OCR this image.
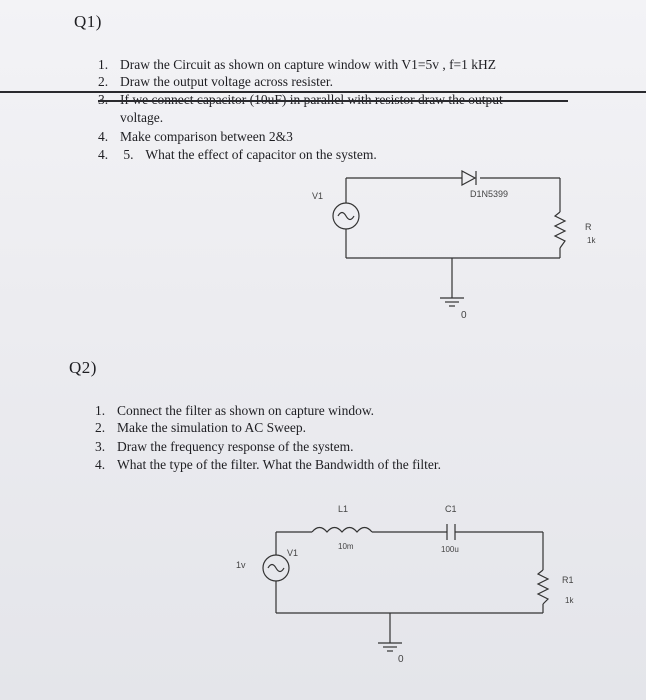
Q1)
1. Draw the Circuit as shown on capture window with V1=5v , f=1 kHZ
2. Draw the output voltage across resister.
voltage.
4. Make comparison between 2&3
4. 5. What the effect of capacitor on the system.
V1	D1N5399
R
1k
0
Q2)
1. Connect the filter as shown on capture window.
2. Make the simulation to AC Sweep.
3. Draw the frequency response of the system.
4. What the type of the filter. What the Bandwidth of the filter.
L1
10m
C1
100u
V1
1v
R1
1k
0
